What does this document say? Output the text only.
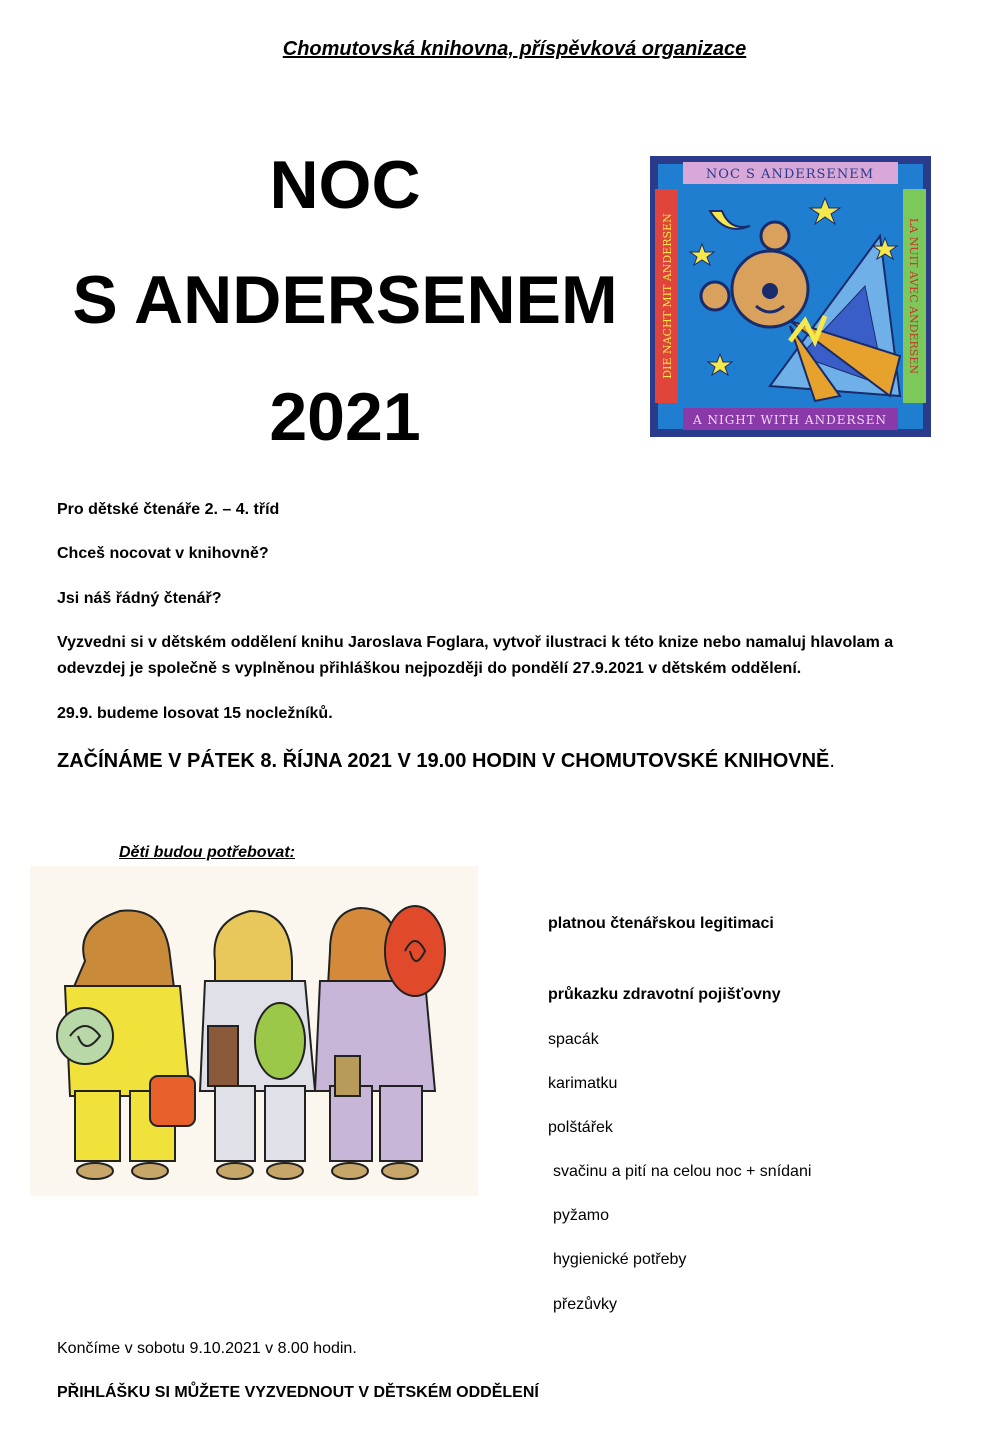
Chomutovská knihovna, příspěvková organizace
NOC
S ANDERSENEM
2021
NOC S ANDERSENEM
A NIGHT WITH ANDERSEN
DIE NACHT MIT ANDERSEN	LA NUIT AVEC ANDERSEN
Pro dětské čtenáře 2. – 4. tříd
Chceš nocovat v knihovně?
Jsi náš řádný čtenář?
Vyzvedni si v dětském oddělení knihu Jaroslava Foglara, vytvoř ilustraci k této knize nebo namaluj hlavolam a
odevzdej je společně s vyplněnou přihláškou nejpozději do pondělí 27.9.2021 v dětském oddělení.
29.9. budeme losovat 15 nocležníků.
ZAČÍNÁME V PÁTEK 8. ŘÍJNA 2021 V 19.00 HODIN V CHOMUTOVSKÉ KNIHOVNĚ.
Děti budou potřebovat:
platnou čtenářskou legitimaci
průkazku zdravotní pojišťovny
spacák
karimatku
polštářek
svačinu a pití na celou noc + snídani
pyžamo
hygienické potřeby
přezůvky
Končíme v sobotu 9.10.2021 v 8.00 hodin.
PŘIHLÁŠKU SI MŮŽETE VYZVEDNOUT V DĚTSKÉM ODDĚLENÍ
